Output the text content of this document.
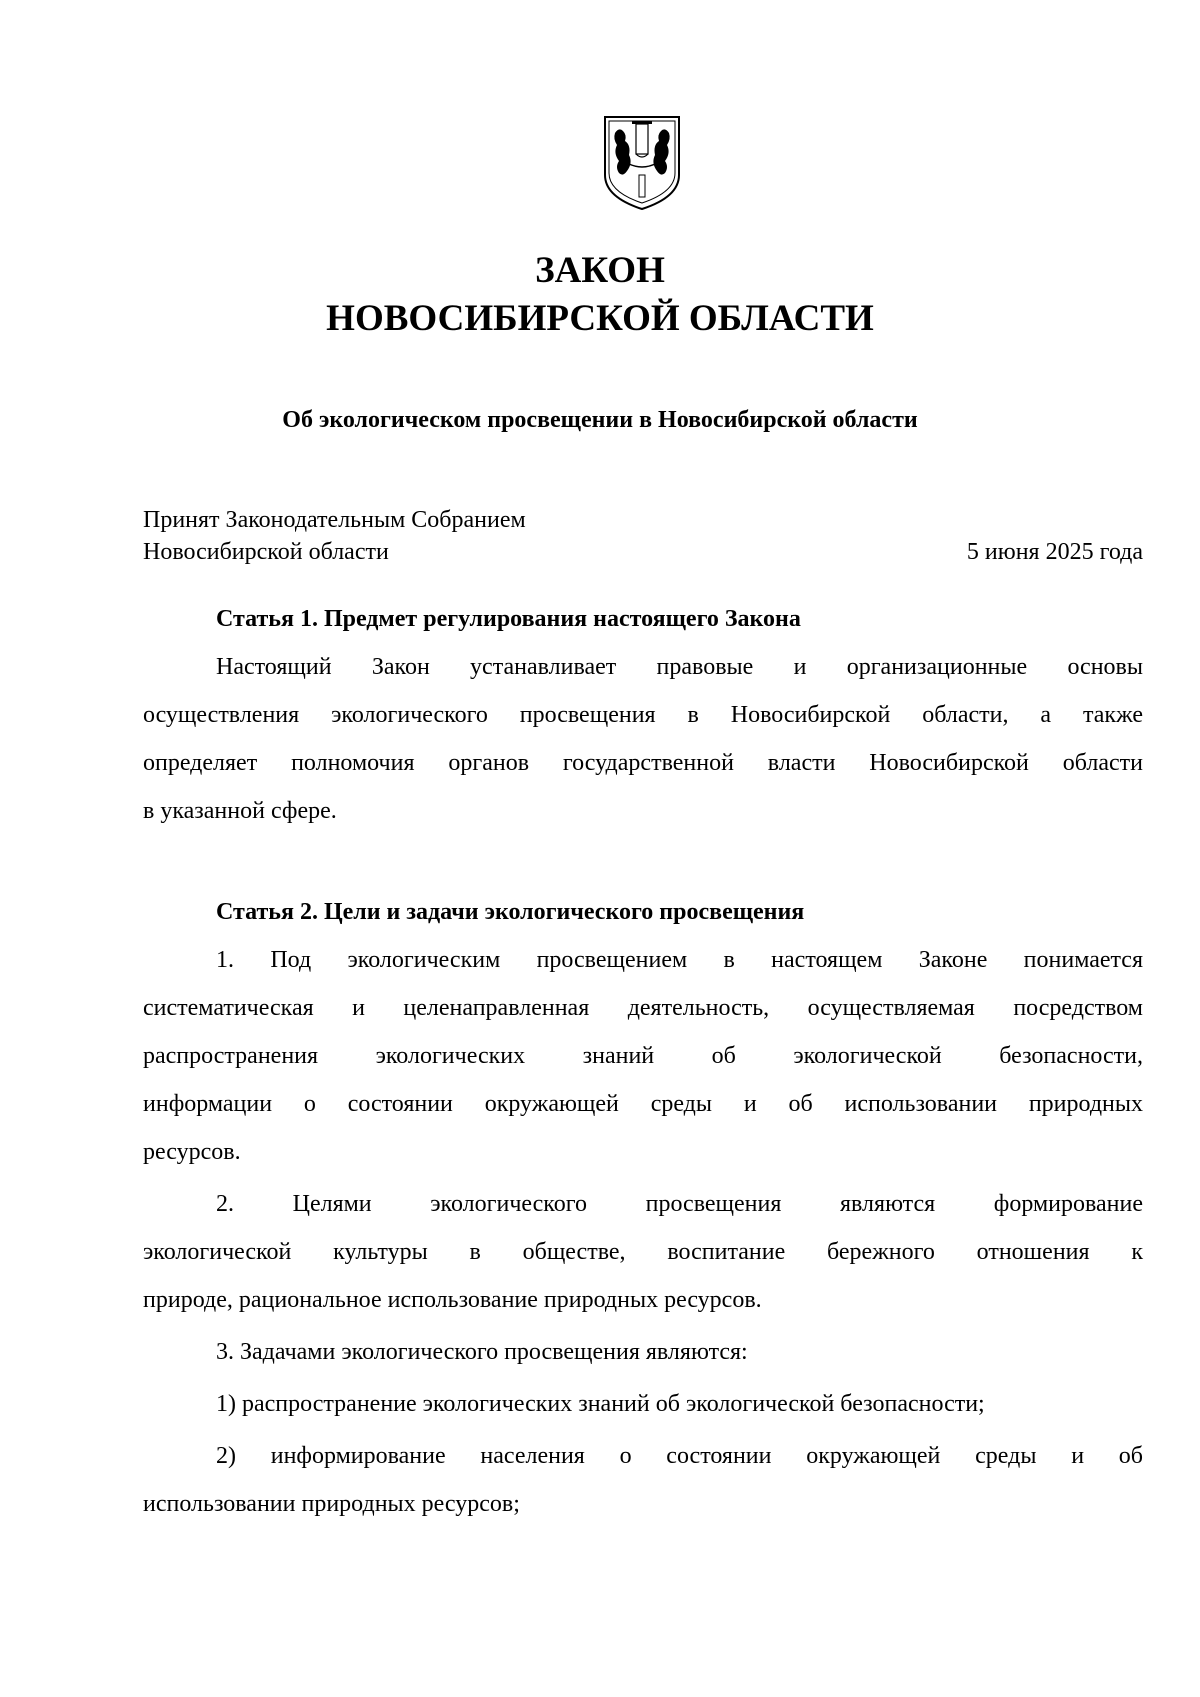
ЗАКОН
НОВОСИБИРСКОЙ ОБЛАСТИ
Об экологическом просвещении в Новосибирской области

Принят Законодательным Собранием

Новосибирской области	5 июня 2025 года

Статья 1. Предмет регулирования настоящего Закона

Настоящий Закон устанавливает правовые и организационные основы

осуществления экологического просвещения в Новосибирской области, а также

определяет полномочия органов государственной власти Новосибирской области

в указанной сфере.

Статья 2. Цели и задачи экологического просвещения

1. Под экологическим просвещением в настоящем Законе понимается

систематическая и целенаправленная деятельность, осуществляемая посредством

распространения экологических знаний об экологической безопасности,

информации о состоянии окружающей среды и об использовании природных

ресурсов.

2. Целями экологического просвещения являются формирование

экологической культуры в обществе, воспитание бережного отношения к

природе, рациональное использование природных ресурсов.

3. Задачами экологического просвещения являются:

1) распространение экологических знаний об экологической безопасности;

2) информирование населения о состоянии окружающей среды и об

использовании природных ресурсов;
